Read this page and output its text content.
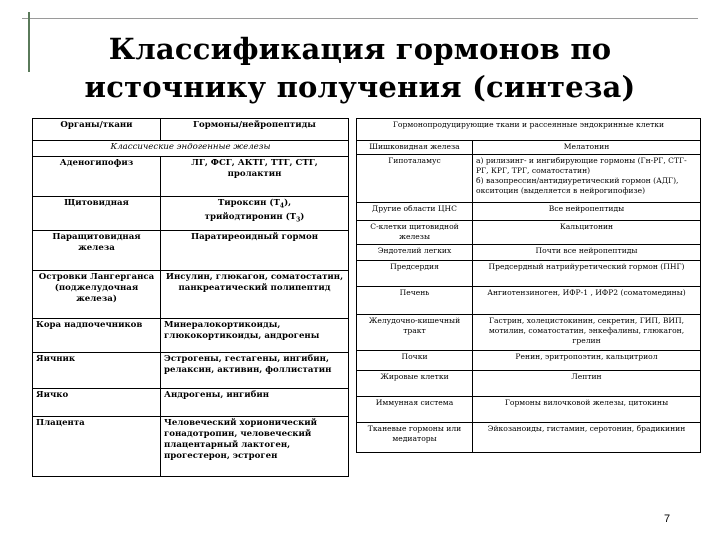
Классификация гормонов по
источнику получения (синтеза)
Органы/ткани	Гормоны/нейропептиды
Классические эндогенные железы	
Аденогипофиз	ЛГ, ФСГ, АКТГ, ТТГ, СТГ, пролактин
Щитовидная	Тироксин $(Т_4)$,
трийодтиронин $(Т_3)$
Паращитовидная железа	Паратиреоидный гормон
Островки Лангерганса (поджелудочная железа)	Инсулин, глюкагон, соматостатин, панкреатический полипептид
Кора надпочечников	Минералокортикоиды, глюкокортикоиды, андрогены
Яичник	Эстрогены, гестагены, ингибин, релаксин, активин, фоллистатин
Яичко	Андрогены, ингибин
Плацента	Человеческий хорионический гонадотропин, человеческий плацентарный лактоген, прогестерон, эстроген
Гормонопродуцирующие ткани и рассеянные эндокринные клетки	
Шишковидная железа	Мелатонин
Гипоталамус	а) рилизинг- и ингибирующие гормоны (Гн-РГ, СТГ-РГ, КРГ, ТРГ, соматостатин)
б) вазопрессин/антидиуретический гормон (АДГ), окситоцин (выделяется в нейрогипофизе)

Другие области ЦНС	Все нейропептиды
С-клетки щитовидной железы	Кальцитонин
Эндотелий легких	Почти все нейропептиды
Предсердия	Предсердный натрийуретический гормон (ПНГ)
Печень	Ангиотензиноген, ИФР-1 , ИФР2 (соматомедины)
Желудочно-кишечный тракт	Гастрин, холецистокинин, секретин, ГИП, ВИП, мотилин, соматостатин, энкефалины, глюкагон, грелин
Почки	Ренин, эритропоэтин, кальцитриол
Жировые клетки	Лептин
Иммунная система	Гормоны вилочковой железы, цитокины
Тканевые гормоны или медиаторы	Эйкозаноиды, гистамин, серотонин, брадикинин
7
